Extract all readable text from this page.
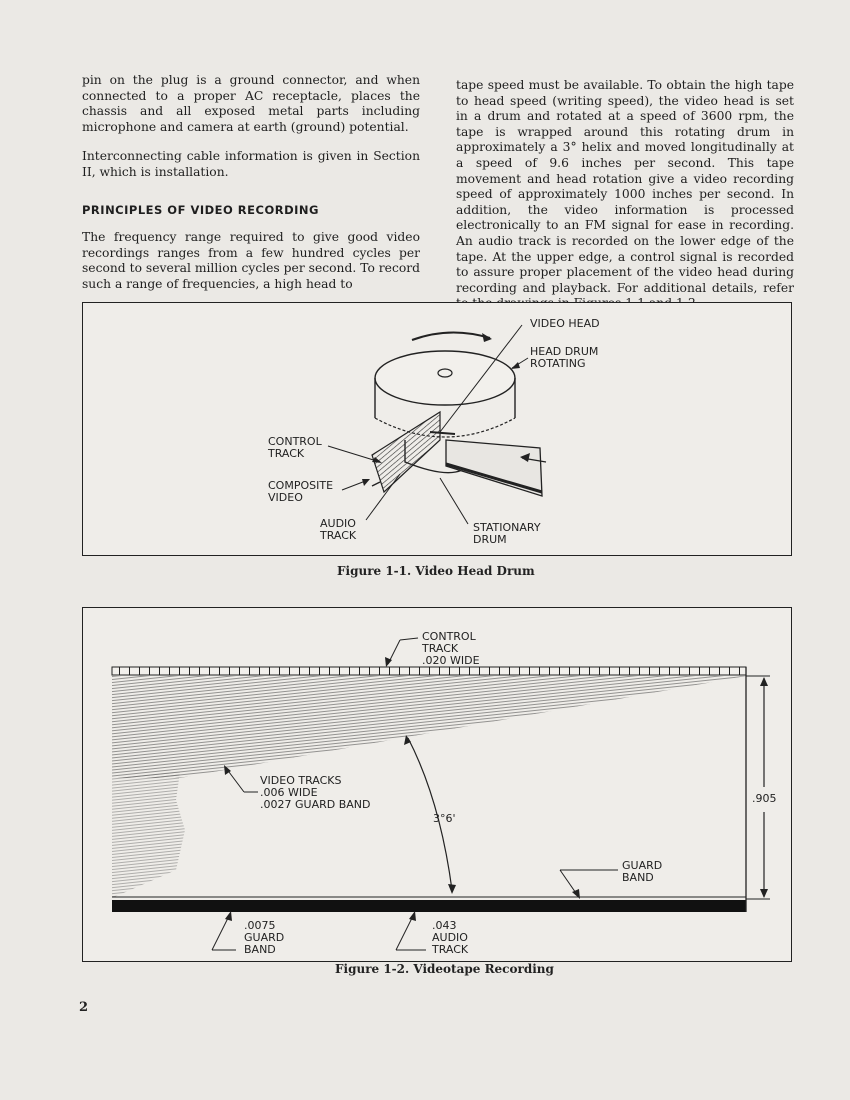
pin on the plug is a ground connector, and when connected to a proper AC receptacle, places the chassis and all exposed metal parts including microphone and camera at earth (ground) potential.

Interconnecting cable information is given in Section II, which is installation.

PRINCIPLES OF VIDEO RECORDING

The frequency range required to give good video recordings ranges from a few hundred cycles per second to several million cycles per second. To record such a range of frequencies, a high head to

tape speed must be available. To obtain the high tape to head speed (writing speed), the video head is set in a drum and rotated at a speed of 3600 rpm, the tape is wrapped around this rotating drum in approximately a 3° helix and moved longitudinally at a speed of 9.6 inches per second. This tape movement and head rotation give a video recording speed of approximately 1000 inches per second. In addition, the video information is processed electronically to an FM signal for ease in recording. An audio track is recorded on the lower edge of the tape. At the upper edge, a control signal is recorded to assure proper placement of the video head during recording and playback. For additional details, refer

VIDEO HEAD
HEAD DRUM
ROTATING
CONTROL
TRACK
COMPOSITE
VIDEO
AUDIO
TRACK
STATIONARY
DRUM
Figure 1-1. Video Head Drum
CONTROL
TRACK
.020 WIDE
VIDEO TRACKS
.006 WIDE
.0027 GUARD BAND
3°6'
.905
GUARD
BAND
.0075
GUARD
BAND
.043
AUDIO
TRACK
Figure 1-2. Videotape Recording
2
